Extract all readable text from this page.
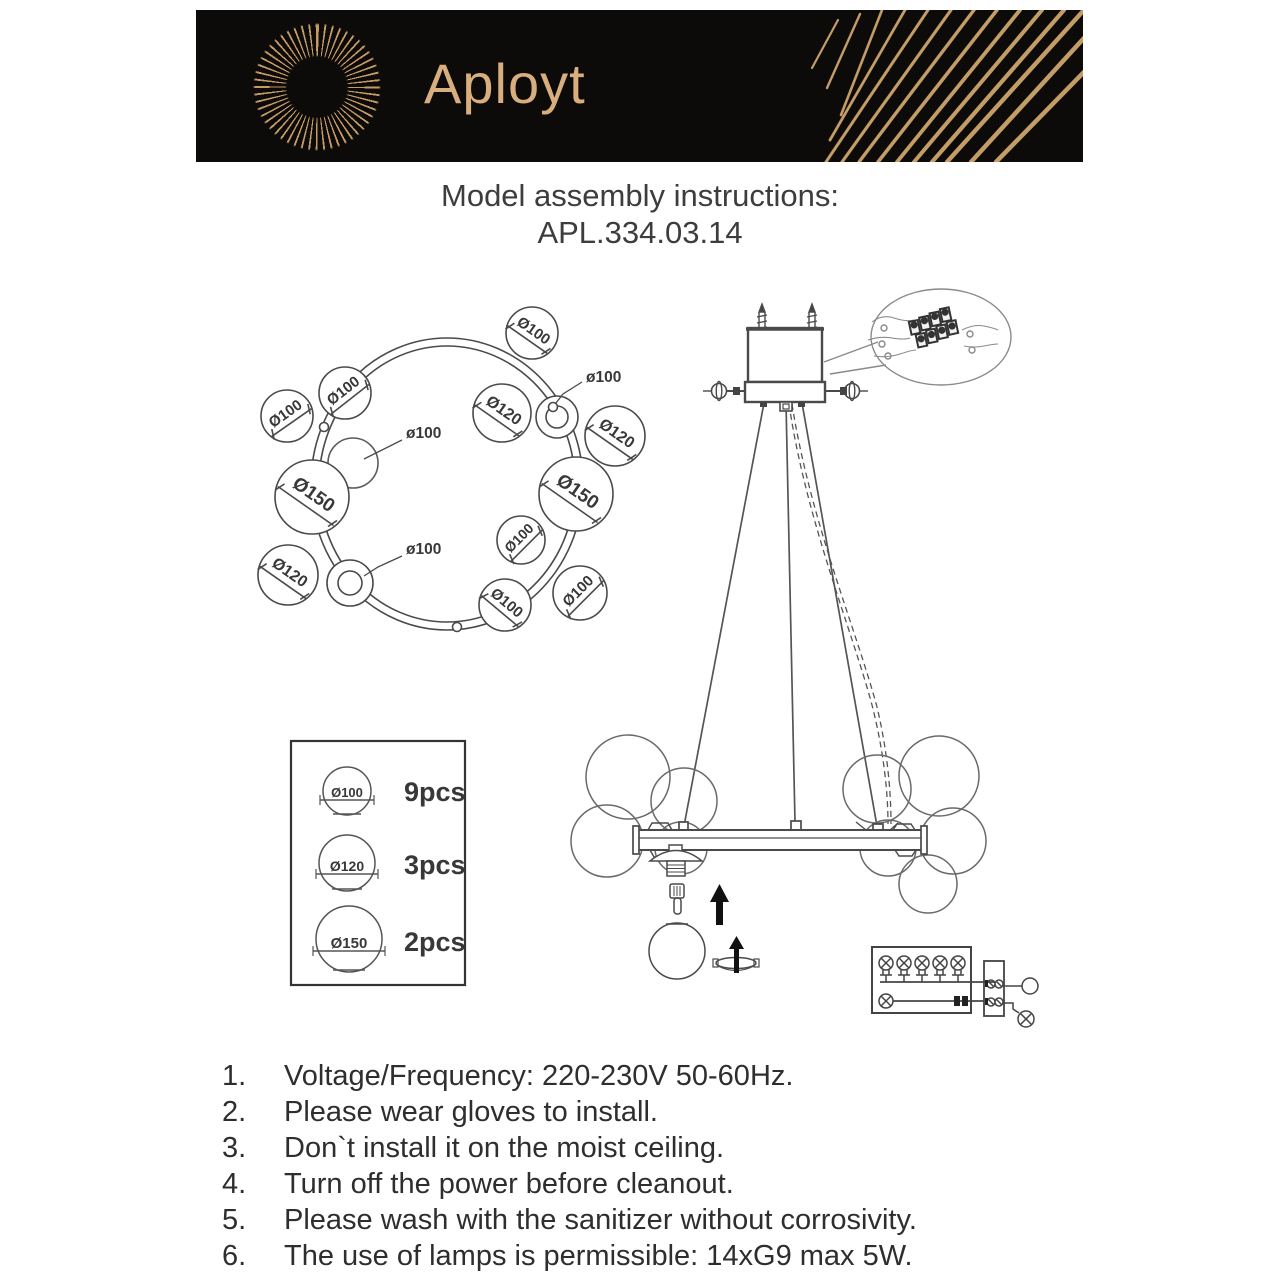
Aployt
Model assembly instructions:
APL.334.03.14
Ø100
Ø100
Ø100	Ø120
Ø120
Ø150
Ø150
Ø100
Ø120	Ø100
Ø100
ø100
ø100
ø100
Ø100 9pcs
Ø120 3pcs
Ø150 2pcs
1.	Voltage/Frequency: 220-230V 50-60Hz.
2.	Please wear gloves to install.
3.	Don`t install it on the moist ceiling.
4.	Turn off the power before cleanout.
5.	Please wash with the sanitizer without corrosivity.
6.	The use of lamps is permissible: 14xG9 max 5W.
